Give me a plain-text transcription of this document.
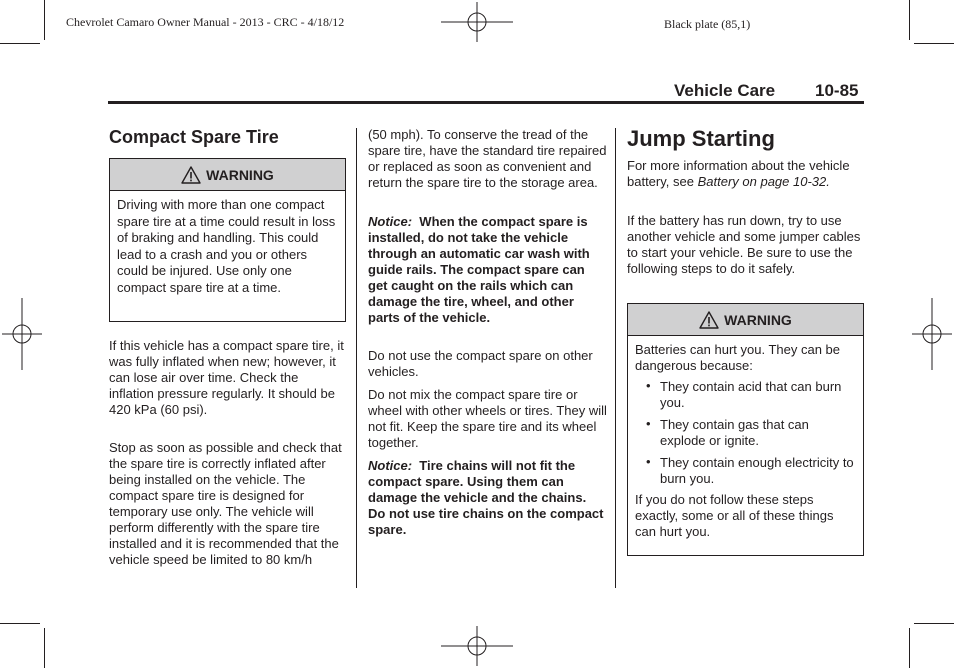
Chevrolet Camaro Owner Manual - 2013 - CRC - 4/18/12	Black plate (85,1)
Vehicle Care 10-85
Compact Spare Tire
WARNING
Driving with more than one compact spare tire at a time could result in loss of braking and handling. This could lead to a crash and you or others could be injured. Use only one compact spare tire at a time.
If this vehicle has a compact spare tire, it was fully inflated when new; however, it can lose air over time. Check the inflation pressure regularly. It should be 420 kPa (60 psi).
Stop as soon as possible and check that the spare tire is correctly inflated after being installed on the vehicle. The compact spare tire is designed for temporary use only. The vehicle will perform differently with the spare tire installed and it is recommended that the vehicle speed be limited to 80 km/h
(50 mph). To conserve the tread of the spare tire, have the standard tire repaired or replaced as soon as convenient and return the spare tire to the storage area.
Notice: When the compact spare is installed, do not take the vehicle through an automatic car wash with guide rails. The compact spare can get caught on the rails which can damage the tire, wheel, and other parts of the vehicle.
Do not use the compact spare on other vehicles.
Do not mix the compact spare tire or wheel with other wheels or tires. They will not fit. Keep the spare tire and its wheel together.
Notice: Tire chains will not fit the compact spare. Using them can damage the vehicle and the chains. Do not use tire chains on the compact spare.
Jump Starting
For more information about the vehicle battery, see Battery on page 10-32.
If the battery has run down, try to use another vehicle and some jumper cables to start your vehicle. Be sure to use the following steps to do it safely.
WARNING
Batteries can hurt you. They can be dangerous because:
• They contain acid that can burn you.
• They contain gas that can explode or ignite.
• They contain enough electricity to burn you.
If you do not follow these steps exactly, some or all of these things can hurt you.
